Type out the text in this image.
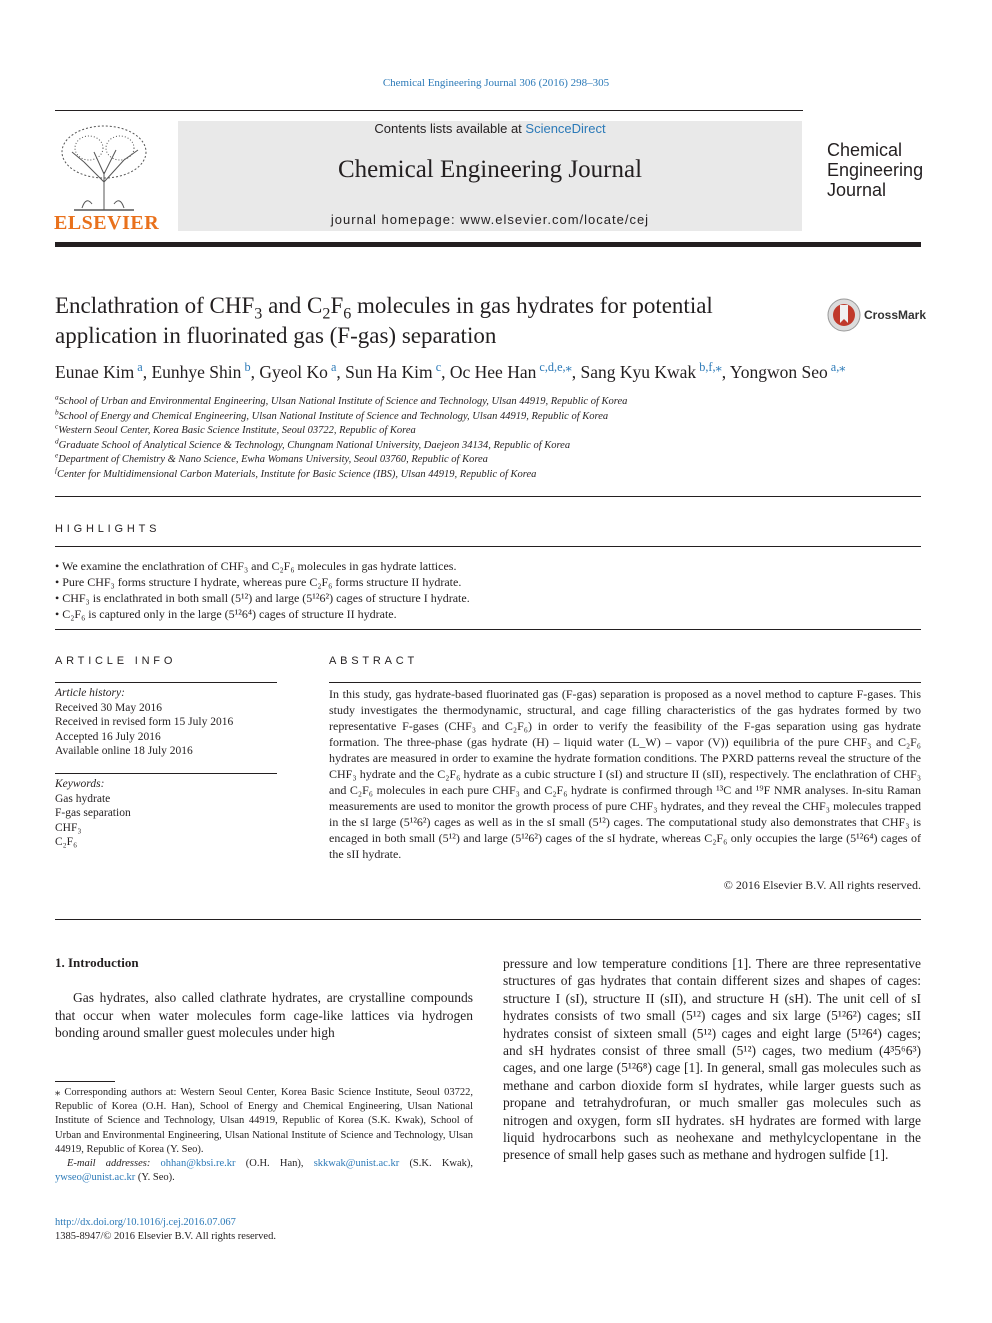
Chemical Engineering Journal 306 (2016) 298–305
ELSEVIER
Contents lists available at ScienceDirect
Chemical Engineering Journal
journal homepage: www.elsevier.com/locate/cej
Chemical
Engineering
Journal
Enclathration of $CHF_3$ and $C_2F_6$ molecules in gas hydrates for potential application in fluorinated gas (F-gas) separation
CrossMark
Eunae Kim $^a$, Eunhye Shin $^b$, Gyeol Ko $^a$, Sun Ha Kim $^c$, Oc Hee Han $^{c,d,e,⁎}$, Sang Kyu Kwak $^{b,f,⁎}$, Yongwon Seo $^{a,⁎}$
$^a$School of Urban and Environmental Engineering, Ulsan National Institute of Science and Technology, Ulsan 44919, Republic of Korea
$^b$School of Energy and Chemical Engineering, Ulsan National Institute of Science and Technology, Ulsan 44919, Republic of Korea
$^c$Western Seoul Center, Korea Basic Science Institute, Seoul 03722, Republic of Korea
$^d$Graduate School of Analytical Science & Technology, Chungnam National University, Daejeon 34134, Republic of Korea
$^e$Department of Chemistry & Nano Science, Ewha Womans University, Seoul 03760, Republic of Korea
$^f$Center for Multidimensional Carbon Materials, Institute for Basic Science (IBS), Ulsan 44919, Republic of Korea
HIGHLIGHTS
• We examine the enclathration of CHF₃ and C₂F₆ molecules in gas hydrate lattices.
• Pure CHF₃ forms structure I hydrate, whereas pure C₂F₆ forms structure II hydrate.
• CHF₃ is enclathrated in both small (5¹²) and large (5¹²6²) cages of structure I hydrate.
• C₂F₆ is captured only in the large (5¹²6⁴) cages of structure II hydrate.
ARTICLE INFO
Article history:
Received 30 May 2016
Received in revised form 15 July 2016
Accepted 16 July 2016
Available online 18 July 2016
Keywords:
Gas hydrate
F-gas separation
CHF₃
C₂F₆
ABSTRACT
In this study, gas hydrate-based fluorinated gas (F-gas) separation is proposed as a novel method to capture F-gases. This study investigates the thermodynamic, structural, and cage filling characteristics of the gas hydrates formed by two representative F-gases (CHF₃ and C₂F₆) in order to verify the feasibility of the F-gas separation using gas hydrate formation. The three-phase (gas hydrate (H) – liquid water (L_W) – vapor (V)) equilibria of the pure CHF₃ and C₂F₆ hydrates are measured in order to examine the hydrate formation conditions. The PXRD patterns reveal the structure of the CHF₃ hydrate and the C₂F₆ hydrate as a cubic structure I (sI) and structure II (sII), respectively. The enclathration of CHF₃ and C₂F₆ molecules in each pure CHF₃ and C₂F₆ hydrate is confirmed through ¹³C and ¹⁹F NMR analyses. In-situ Raman measurements are used to monitor the growth process of pure CHF₃ hydrates, and they reveal the CHF₃ molecules trapped in the sI large (5¹²6²) cages as well as in the sI small (5¹²) cages. The computational study also demonstrates that CHF₃ is encaged in both small (5¹²) and large (5¹²6²) cages of the sI hydrate, whereas C₂F₆ only occupies the large (5¹²6⁴) cages of the sII hydrate.
© 2016 Elsevier B.V. All rights reserved.
1. Introduction
Gas hydrates, also called clathrate hydrates, are crystalline compounds that occur when water molecules form cage-like lattices via hydrogen bonding around smaller guest molecules under high
pressure and low temperature conditions [1]. There are three representative structures of gas hydrates that contain different sizes and shapes of cages: structure I (sI), structure II (sII), and structure H (sH). The unit cell of sI hydrates consists of two small (5¹²) cages and six large (5¹²6²) cages; sII hydrates consist of sixteen small (5¹²) cages and eight large (5¹²6⁴) cages; and sH hydrates consist of three small (5¹²) cages, two medium (4³5⁶6³) cages, and one large (5¹²6⁸) cage [1]. In general, small gas molecules such as methane and carbon dioxide form sI hydrates, while larger guests such as propane and tetrahydrofuran, or much smaller gas molecules such as nitrogen and oxygen, form sII hydrates. sH hydrates are formed with large liquid hydrocarbons such as neohexane and methylcyclopentane in the presence of small help gases such as methane and hydrogen sulfide [1].
⁎ Corresponding authors at: Western Seoul Center, Korea Basic Science Institute, Seoul 03722, Republic of Korea (O.H. Han), School of Energy and Chemical Engineering, Ulsan National Institute of Science and Technology, Ulsan 44919, Republic of Korea (S.K. Kwak), School of Urban and Environmental Engineering, Ulsan National Institute of Science and Technology, Ulsan 44919, Republic of Korea (Y. Seo).
E-mail addresses: ohhan@kbsi.re.kr (O.H. Han), skkwak@unist.ac.kr (S.K. Kwak), ywseo@unist.ac.kr (Y. Seo).
http://dx.doi.org/10.1016/j.cej.2016.07.067
1385-8947/© 2016 Elsevier B.V. All rights reserved.
